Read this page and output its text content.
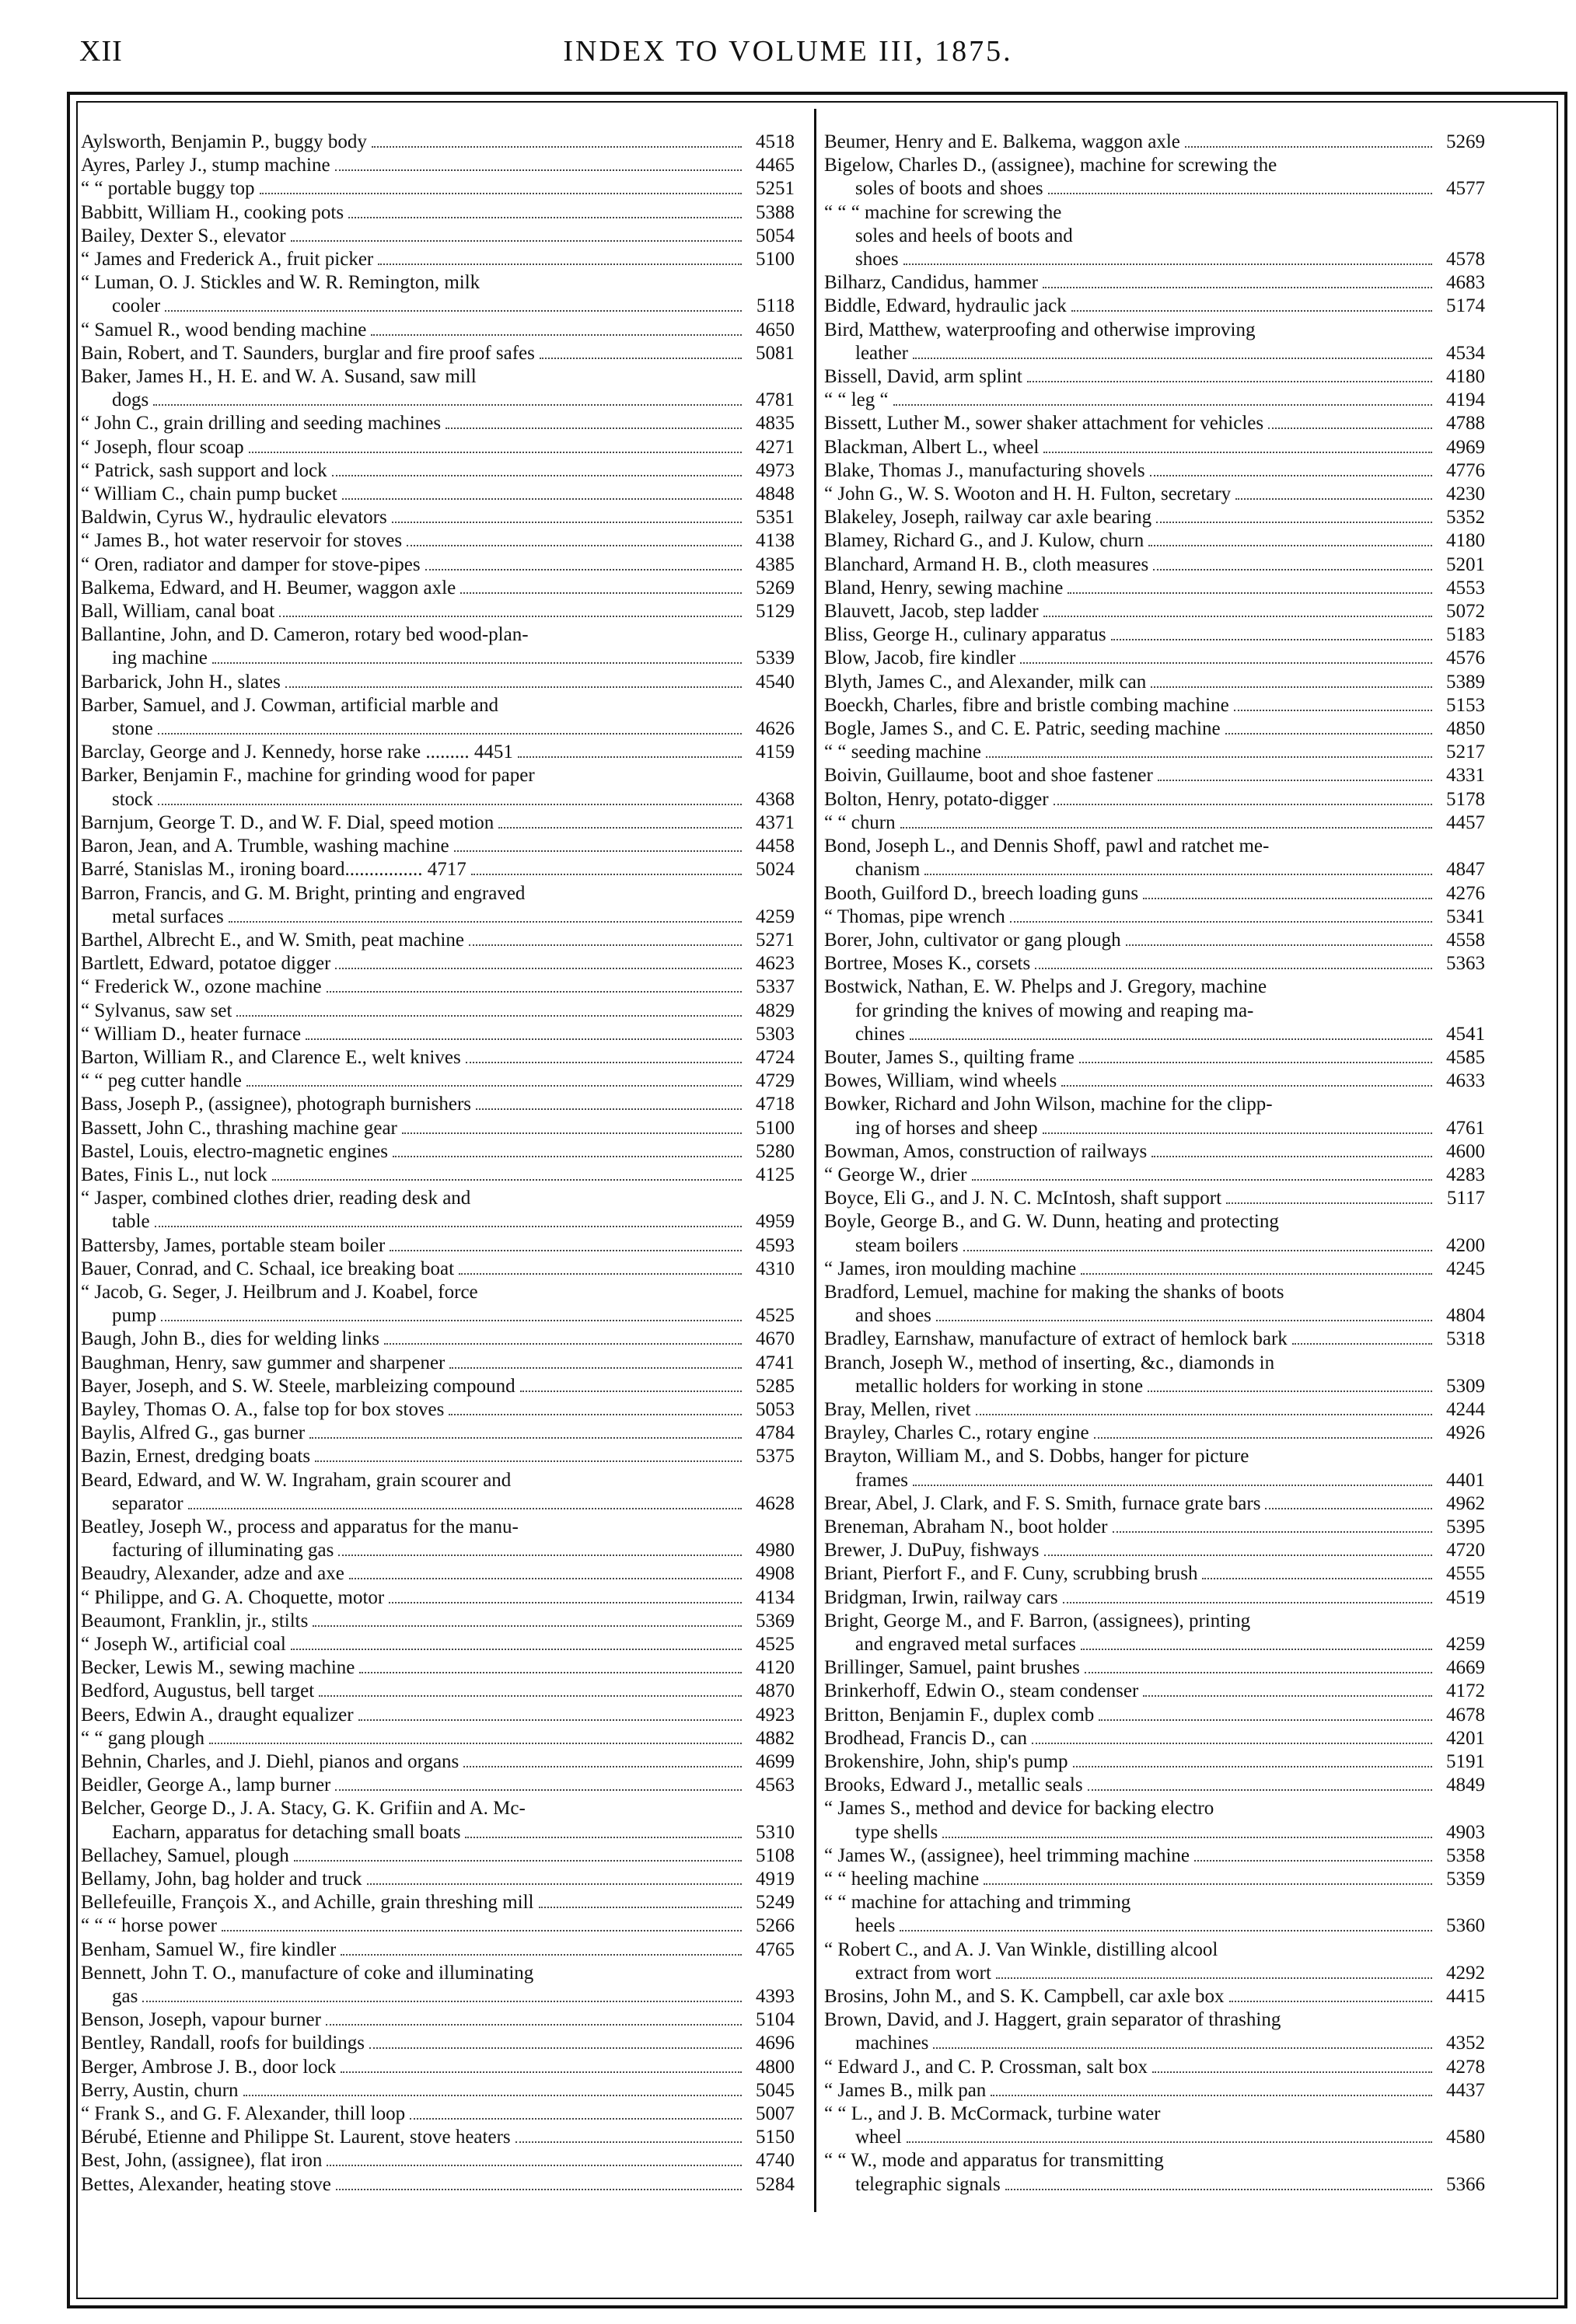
XII	INDEX TO VOLUME III, 1875.
Aylsworth, Benjamin P., buggy body	4518
Ayres, Parley J., stump machine	4465
“ “ portable buggy top	5251
Babbitt, William H., cooking pots	5388
Bailey, Dexter S., elevator	5054
“ James and Frederick A., fruit picker	5100
“ Luman, O. J. Stickles and W. R. Remington, milk
cooler	5118
“ Samuel R., wood bending machine	4650
Bain, Robert, and T. Saunders, burglar and fire proof safes	5081
Baker, James H., H. E. and W. A. Susand, saw mill
dogs	4781
“ John C., grain drilling and seeding machines	4835
“ Joseph, flour scoap	4271
“ Patrick, sash support and lock	4973
“ William C., chain pump bucket	4848
Baldwin, Cyrus W., hydraulic elevators	5351
“ James B., hot water reservoir for stoves	4138
“ Oren, radiator and damper for stove-pipes	4385
Balkema, Edward, and H. Beumer, waggon axle	5269
Ball, William, canal boat	5129
Ballantine, John, and D. Cameron, rotary bed wood-plan-
ing machine	5339
Barbarick, John H., slates	4540
Barber, Samuel, and J. Cowman, artificial marble and
stone	4626
Barclay, George and J. Kennedy, horse rake ......... 4451	4159
Barker, Benjamin F., machine for grinding wood for paper
stock	4368
Barnjum, George T. D., and W. F. Dial, speed motion	4371
Baron, Jean, and A. Trumble, washing machine	4458
Barré, Stanislas M., ironing board................ 4717	5024
Barron, Francis, and G. M. Bright, printing and engraved
metal surfaces	4259
Barthel, Albrecht E., and W. Smith, peat machine	5271
Bartlett, Edward, potatoe digger	4623
“ Frederick W., ozone machine	5337
“ Sylvanus, saw set	4829
“ William D., heater furnace	5303
Barton, William R., and Clarence E., welt knives	4724
“ “ peg cutter handle	4729
Bass, Joseph P., (assignee), photograph burnishers	4718
Bassett, John C., thrashing machine gear	5100
Bastel, Louis, electro-magnetic engines	5280
Bates, Finis L., nut lock	4125
“ Jasper, combined clothes drier, reading desk and
table	4959
Battersby, James, portable steam boiler	4593
Bauer, Conrad, and C. Schaal, ice breaking boat	4310
“ Jacob, G. Seger, J. Heilbrum and J. Koabel, force
pump	4525
Baugh, John B., dies for welding links	4670
Baughman, Henry, saw gummer and sharpener	4741
Bayer, Joseph, and S. W. Steele, marbleizing compound	5285
Bayley, Thomas O. A., false top for box stoves	5053
Baylis, Alfred G., gas burner	4784
Bazin, Ernest, dredging boats	5375
Beard, Edward, and W. W. Ingraham, grain scourer and
separator	4628
Beatley, Joseph W., process and apparatus for the manu-
facturing of illuminating gas	4980
Beaudry, Alexander, adze and axe	4908
“ Philippe, and G. A. Choquette, motor	4134
Beaumont, Franklin, jr., stilts	5369
“ Joseph W., artificial coal	4525
Becker, Lewis M., sewing machine	4120
Bedford, Augustus, bell target	4870
Beers, Edwin A., draught equalizer	4923
“ “ gang plough	4882
Behnin, Charles, and J. Diehl, pianos and organs	4699
Beidler, George A., lamp burner	4563
Belcher, George D., J. A. Stacy, G. K. Grifiin and A. Mc-
Eacharn, apparatus for detaching small boats	5310
Bellachey, Samuel, plough	5108
Bellamy, John, bag holder and truck	4919
Bellefeuille, François X., and Achille, grain threshing mill	5249
“ “ “ horse power	5266
Benham, Samuel W., fire kindler	4765
Bennett, John T. O., manufacture of coke and illuminating
gas	4393
Benson, Joseph, vapour burner	5104
Bentley, Randall, roofs for buildings	4696
Berger, Ambrose J. B., door lock	4800
Berry, Austin, churn	5045
“ Frank S., and G. F. Alexander, thill loop	5007
Bérubé, Etienne and Philippe St. Laurent, stove heaters	5150
Best, John, (assignee), flat iron	4740
Bettes, Alexander, heating stove	5284
Beumer, Henry and E. Balkema, waggon axle	5269
Bigelow, Charles D., (assignee), machine for screwing the
soles of boots and shoes	4577
“ “ “ machine for screwing the
soles and heels of boots and
shoes	4578
Bilharz, Candidus, hammer	4683
Biddle, Edward, hydraulic jack	5174
Bird, Matthew, waterproofing and otherwise improving
leather	4534
Bissell, David, arm splint	4180
“ “ leg “	4194
Bissett, Luther M., sower shaker attachment for vehicles	4788
Blackman, Albert L., wheel	4969
Blake, Thomas J., manufacturing shovels	4776
“ John G., W. S. Wooton and H. H. Fulton, secretary	4230
Blakeley, Joseph, railway car axle bearing	5352
Blamey, Richard G., and J. Kulow, churn	4180
Blanchard, Armand H. B., cloth measures	5201
Bland, Henry, sewing machine	4553
Blauvett, Jacob, step ladder	5072
Bliss, George H., culinary apparatus	5183
Blow, Jacob, fire kindler	4576
Blyth, James C., and Alexander, milk can	5389
Boeckh, Charles, fibre and bristle combing machine	5153
Bogle, James S., and C. E. Patric, seeding machine	4850
“ “ seeding machine	5217
Boivin, Guillaume, boot and shoe fastener	4331
Bolton, Henry, potato-digger	5178
“ “ churn	4457
Bond, Joseph L., and Dennis Shoff, pawl and ratchet me-
chanism	4847
Booth, Guilford D., breech loading guns	4276
“ Thomas, pipe wrench	5341
Borer, John, cultivator or gang plough	4558
Bortree, Moses K., corsets	5363
Bostwick, Nathan, E. W. Phelps and J. Gregory, machine
for grinding the knives of mowing and reaping ma-
chines	4541
Bouter, James S., quilting frame	4585
Bowes, William, wind wheels	4633
Bowker, Richard and John Wilson, machine for the clipp-
ing of horses and sheep	4761
Bowman, Amos, construction of railways	4600
“ George W., drier	4283
Boyce, Eli G., and J. N. C. McIntosh, shaft support	5117
Boyle, George B., and G. W. Dunn, heating and protecting
steam boilers	4200
“ James, iron moulding machine	4245
Bradford, Lemuel, machine for making the shanks of boots
and shoes	4804
Bradley, Earnshaw, manufacture of extract of hemlock bark	5318
Branch, Joseph W., method of inserting, &c., diamonds in
metallic holders for working in stone	5309
Bray, Mellen, rivet	4244
Brayley, Charles C., rotary engine	4926
Brayton, William M., and S. Dobbs, hanger for picture
frames	4401
Brear, Abel, J. Clark, and F. S. Smith, furnace grate bars	4962
Breneman, Abraham N., boot holder	5395
Brewer, J. DuPuy, fishways	4720
Briant, Pierfort F., and F. Cuny, scrubbing brush	4555
Bridgman, Irwin, railway cars	4519
Bright, George M., and F. Barron, (assignees), printing
and engraved metal surfaces	4259
Brillinger, Samuel, paint brushes	4669
Brinkerhoff, Edwin O., steam condenser	4172
Britton, Benjamin F., duplex comb	4678
Brodhead, Francis D., can	4201
Brokenshire, John, ship's pump	5191
Brooks, Edward J., metallic seals	4849
“ James S., method and device for backing electro
type shells	4903
“ James W., (assignee), heel trimming machine	5358
“ “ heeling machine	5359
“ “ machine for attaching and trimming
heels	5360
“ Robert C., and A. J. Van Winkle, distilling alcool
extract from wort	4292
Brosins, John M., and S. K. Campbell, car axle box	4415
Brown, David, and J. Haggert, grain separator of thrashing
machines	4352
“ Edward J., and C. P. Crossman, salt box	4278
“ James B., milk pan	4437
“ “ L., and J. B. McCormack, turbine water
wheel	4580
“ “ W., mode and apparatus for transmitting
telegraphic signals	5366
